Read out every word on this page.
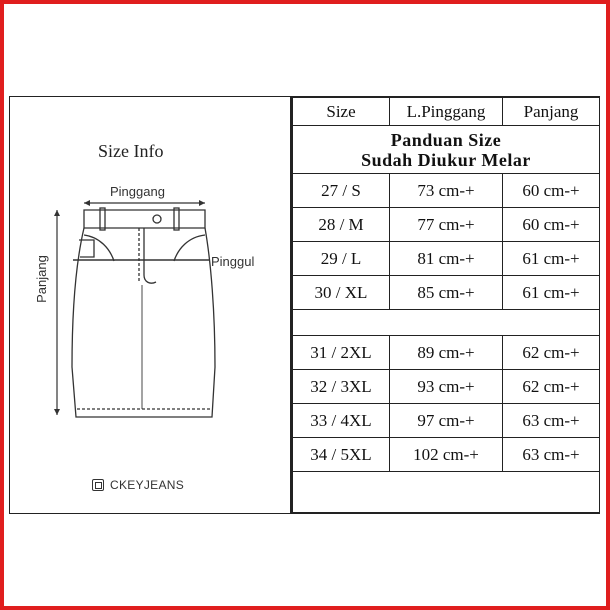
Size Info
Pinggang
Panjang	Pinggul
CKEYJEANS
Size	L.Pinggang	Panjang

Panduan Size
Sudah Diukur Melar		

27 / S	73 cm-+	60 cm-+
28 / M	77 cm-+	60 cm-+
29 / L	81 cm-+	61 cm-+
30 / XL	85 cm-+	61 cm-+

31 / 2XL	89 cm-+	62 cm-+
32 / 3XL	93 cm-+	62 cm-+
33 / 4XL	97 cm-+	63 cm-+
34 / 5XL	102 cm-+	63 cm-+
